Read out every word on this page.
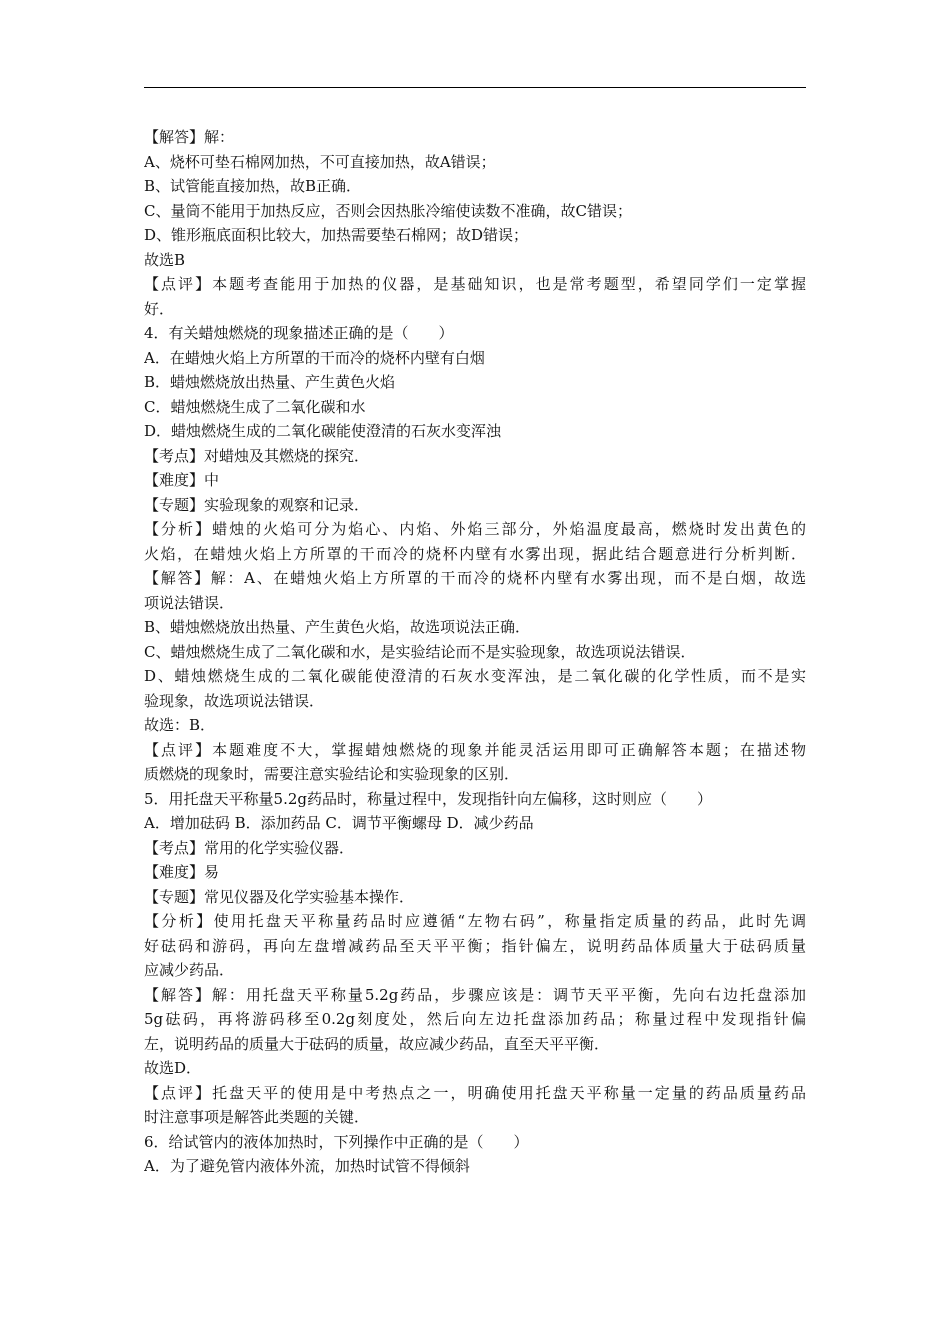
【解答】解：
A、烧杯可垫石棉网加热，不可直接加热，故A错误；
B、试管能直接加热，故B正确．
C、量筒不能用于加热反应，否则会因热胀冷缩使读数不准确，故C错误；
D、锥形瓶底面积比较大，加热需要垫石棉网；故D错误；
故选B
【点评】本题考查能用于加热的仪器，是基础知识，也是常考题型，希望同学们一定掌握
好．
4．有关蜡烛燃烧的现象描述正确的是（　　）
A．在蜡烛火焰上方所罩的干而冷的烧杯内壁有白烟
B．蜡烛燃烧放出热量、产生黄色火焰
C．蜡烛燃烧生成了二氧化碳和水
D．蜡烛燃烧生成的二氧化碳能使澄清的石灰水变浑浊
【考点】对蜡烛及其燃烧的探究．
【难度】中
【专题】实验现象的观察和记录．
【分析】蜡烛的火焰可分为焰心、内焰、外焰三部分，外焰温度最高，燃烧时发出黄色的
火焰，在蜡烛火焰上方所罩的干而冷的烧杯内壁有水雾出现，据此结合题意进行分析判断．
【解答】解：A、在蜡烛火焰上方所罩的干而冷的烧杯内壁有水雾出现，而不是白烟，故选
项说法错误．
B、蜡烛燃烧放出热量、产生黄色火焰，故选项说法正确．
C、蜡烛燃烧生成了二氧化碳和水，是实验结论而不是实验现象，故选项说法错误．
D、蜡烛燃烧生成的二氧化碳能使澄清的石灰水变浑浊，是二氧化碳的化学性质，而不是实
验现象，故选项说法错误．
故选：B．
【点评】本题难度不大，掌握蜡烛燃烧的现象并能灵活运用即可正确解答本题；在描述物
质燃烧的现象时，需要注意实验结论和实验现象的区别．
5．用托盘天平称量5.2g药品时，称量过程中，发现指针向左偏移，这时则应（　　）
A．增加砝码 B．添加药品 C．调节平衡螺母 D．减少药品
【考点】常用的化学实验仪器．
【难度】易
【专题】常见仪器及化学实验基本操作．
【分析】使用托盘天平称量药品时应遵循“左物右码”，称量指定质量的药品，此时先调
好砝码和游码，再向左盘增减药品至天平平衡；指针偏左，说明药品体质量大于砝码质量
应减少药品．
【解答】解：用托盘天平称量5.2g药品，步骤应该是：调节天平平衡，先向右边托盘添加
5g砝码，再将游码移至0.2g刻度处，然后向左边托盘添加药品；称量过程中发现指针偏
左，说明药品的质量大于砝码的质量，故应减少药品，直至天平平衡．
故选D．
【点评】托盘天平的使用是中考热点之一，明确使用托盘天平称量一定量的药品质量药品
时注意事项是解答此类题的关键．
6．给试管内的液体加热时，下列操作中正确的是（　　）
A．为了避免管内液体外流，加热时试管不得倾斜
